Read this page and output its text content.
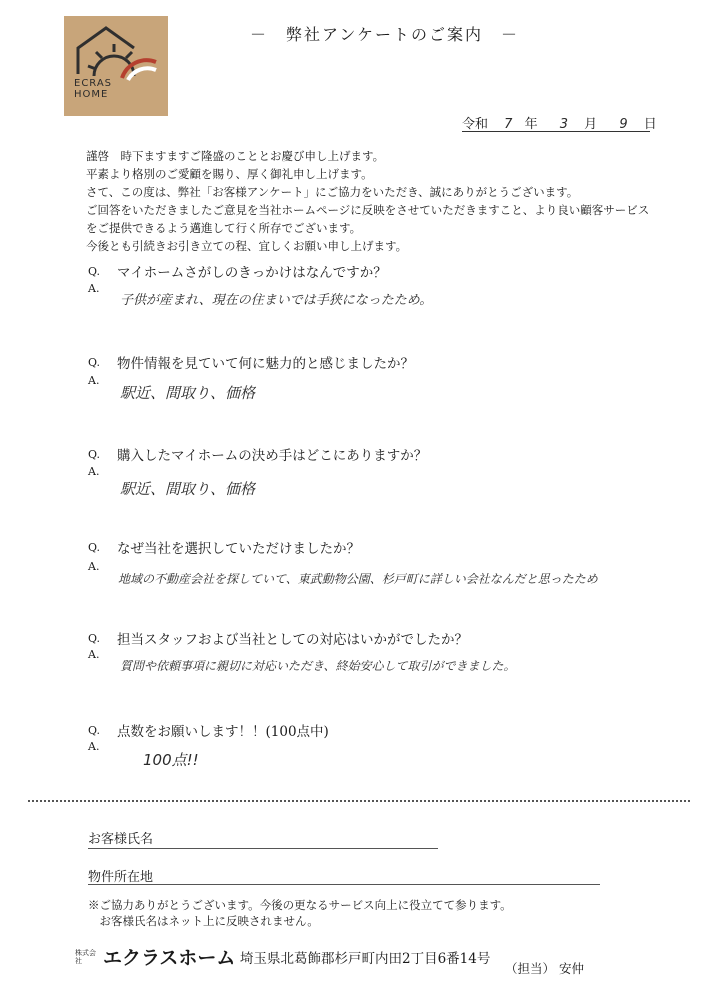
ECRAS
HOME
－　弊社アンケートのご案内　－
令和 7 年 3 月 9 日
謹啓　時下ますますご隆盛のこととお慶び申し上げます。
平素より格別のご愛顧を賜り、厚く御礼申し上げます。
さて、この度は、弊社「お客様アンケート」にご協力をいただき、誠にありがとうございます。
ご回答をいただきましたご意見を当社ホームページに反映をさせていただきますこと、より良い顧客サービス
をご提供できるよう邁進して行く所存でございます。
今後とも引続きお引き立ての程、宜しくお願い申し上げます。
Q. マイホームさがしのきっかけはなんですか？
A.
子供が産まれ、現在の住まいでは手狭になったため。
Q. 物件情報を見ていて何に魅力的と感じましたか？
A.
駅近、間取り、価格
Q. 購入したマイホームの決め手はどこにありますか？
A.
駅近、間取り、価格
Q. なぜ当社を選択していただけましたか？
A.
地域の不動産会社を探していて、東武動物公園、杉戸町に詳しい会社なんだと思ったため
Q. 担当スタッフおよび当社としての対応はいかがでしたか？
A.
質問や依頼事項に親切に対応いただき、終始安心して取引ができました。
Q. 点数をお願いします！！(100点中)
A.
100点!!
お客様氏名
物件所在地
※ご協力ありがとうございます。今後の更なるサービス向上に役立てて参ります。
　お客様氏名はネット上に反映されません。
株式会社	エクラスホーム 埼玉県北葛飾郡杉戸町内田2丁目6番14号
（担当） 安仲
